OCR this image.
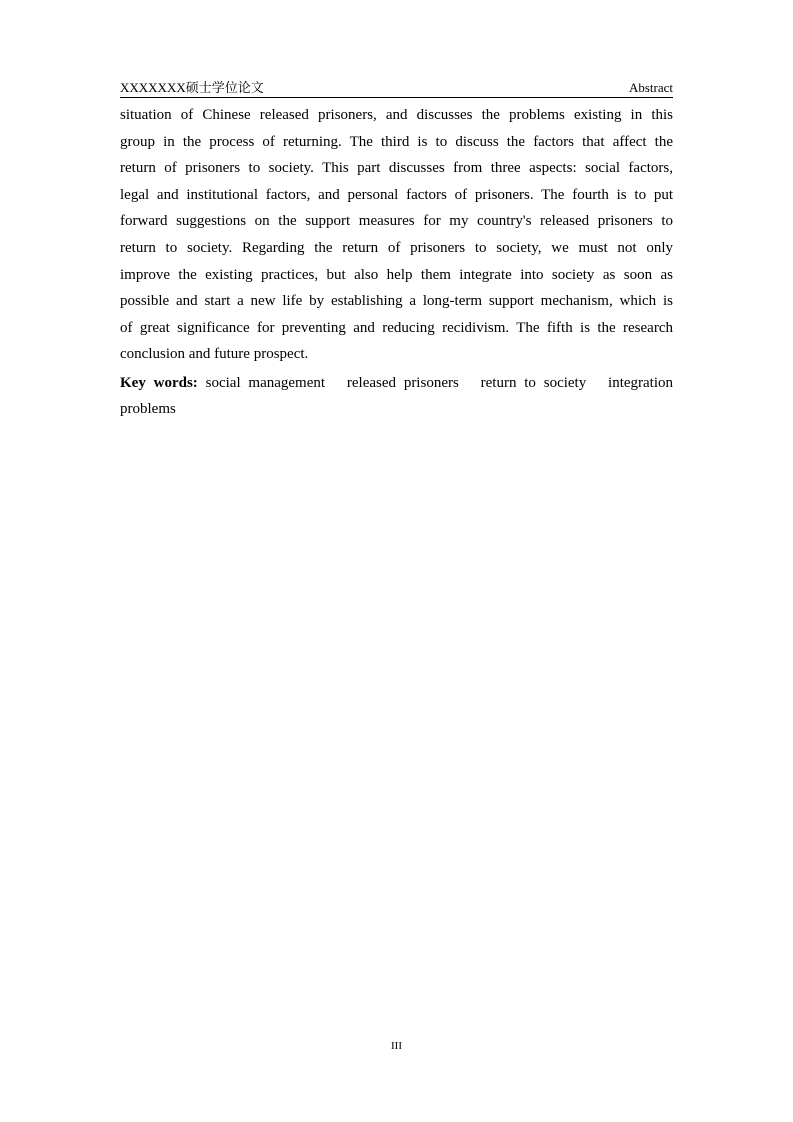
XXXXXXX硕士学位论文	Abstract
situation of Chinese released prisoners, and discusses the problems existing in this
group in the process of returning. The third is to discuss the factors that affect the
return of prisoners to society. This part discusses from three aspects: social factors,
legal and institutional factors, and personal factors of prisoners. The fourth is to put
forward suggestions on the support measures for my country's released prisoners to
return to society. Regarding the return of prisoners to society, we must not only
improve the existing practices, but also help them integrate into society as soon as
possible and start a new life by establishing a long-term support mechanism, which is
of great significance for preventing and reducing recidivism. The fifth is the research
conclusion and future prospect.
Key words: social management released prisoners return to society integration
problems
III
